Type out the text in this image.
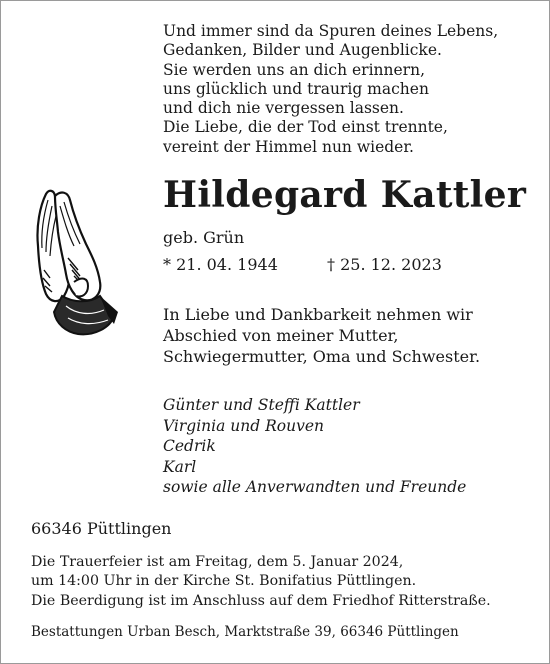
Und immer sind da Spuren deines Lebens,
Gedanken, Bilder und Augenblicke.
Sie werden uns an dich erinnern,
uns glücklich und traurig machen
und dich nie vergessen lassen.
Die Liebe, die der Tod einst trennte,
vereint der Himmel nun wieder.
Hildegard Kattler
geb. Grün
* 21. 04. 1944	† 25. 12. 2023
In Liebe und Dankbarkeit nehmen wir
Abschied von meiner Mutter,
Schwiegermutter, Oma und Schwester.
Günter und Steffi Kattler
Virginia und Rouven
Cedrik
Karl
sowie alle Anverwandten und Freunde
66346 Püttlingen
Die Trauerfeier ist am Freitag, dem 5. Januar 2024,
um 14:00 Uhr in der Kirche St. Bonifatius Püttlingen.
Die Beerdigung ist im Anschluss auf dem Friedhof Ritterstraße.
Bestattungen Urban Besch, Marktstraße 39, 66346 Püttlingen
